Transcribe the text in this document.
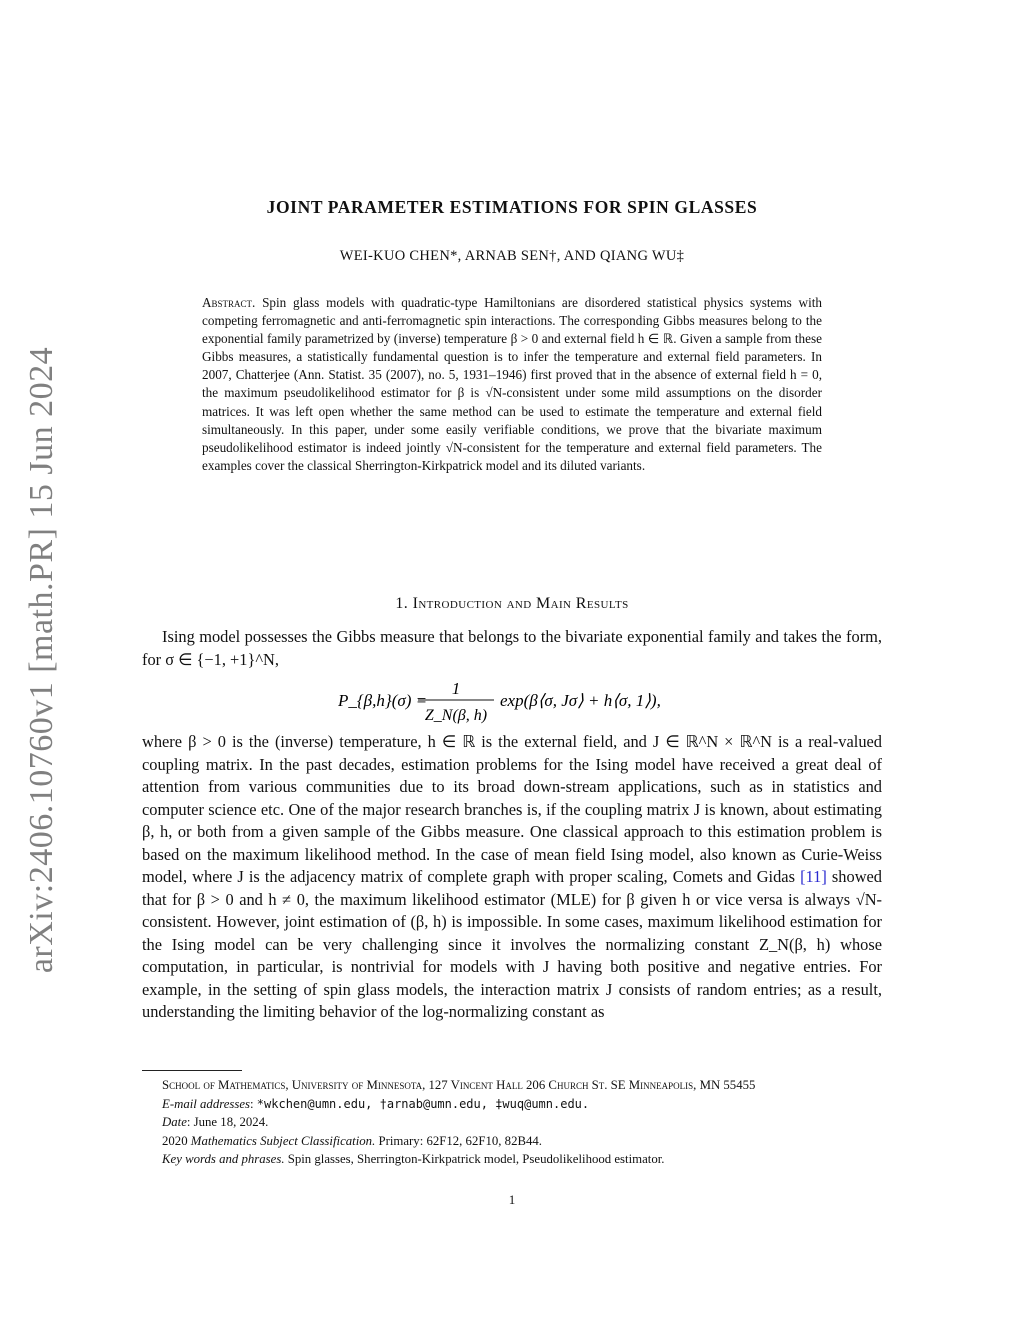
arXiv:2406.10760v1 [math.PR] 15 Jun 2024
JOINT PARAMETER ESTIMATIONS FOR SPIN GLASSES
WEI-KUO CHEN*, ARNAB SEN†, AND QIANG WU‡
Abstract. Spin glass models with quadratic-type Hamiltonians are disordered statistical physics systems with competing ferromagnetic and anti-ferromagnetic spin interactions. The corresponding Gibbs measures belong to the exponential family parametrized by (inverse) temperature β > 0 and external field h ∈ ℝ. Given a sample from these Gibbs measures, a statistically fundamental question is to infer the temperature and external field parameters. In 2007, Chatterjee (Ann. Statist. 35 (2007), no. 5, 1931–1946) first proved that in the absence of external field h = 0, the maximum pseudolikelihood estimator for β is √N-consistent under some mild assumptions on the disorder matrices. It was left open whether the same method can be used to estimate the temperature and external field simultaneously. In this paper, under some easily verifiable conditions, we prove that the bivariate maximum pseudolikelihood estimator is indeed jointly √N-consistent for the temperature and external field parameters. The examples cover the classical Sherrington-Kirkpatrick model and its diluted variants.
1. Introduction and Main Results
Ising model possesses the Gibbs measure that belongs to the bivariate exponential family and takes the form, for σ ∈ {−1, +1}^N,
P_{β,h}(σ) =
1
Z_N(β, h)
exp(β⟨σ, Jσ⟩ + h⟨σ, 1⟩),
where β > 0 is the (inverse) temperature, h ∈ ℝ is the external field, and J ∈ ℝ^N × ℝ^N is a real-valued coupling matrix. In the past decades, estimation problems for the Ising model have received a great deal of attention from various communities due to its broad down-stream applications, such as in statistics and computer science etc. One of the major research branches is, if the coupling matrix J is known, about estimating β, h, or both from a given sample of the Gibbs measure. One classical approach to this estimation problem is based on the maximum likelihood method. In the case of mean field Ising model, also known as Curie-Weiss model, where J is the adjacency matrix of complete graph with proper scaling, Comets and Gidas [11] showed that for β > 0 and h ≠ 0, the maximum likelihood estimator (MLE) for β given h or vice versa is always √N-consistent. However, joint estimation of (β, h) is impossible. In some cases, maximum likelihood estimation for the Ising model can be very challenging since it involves the normalizing constant Z_N(β, h) whose computation, in particular, is nontrivial for models with J having both positive and negative entries. For example, in the setting of spin glass models, the interaction matrix J consists of random entries; as a result, understanding the limiting behavior of the log-normalizing constant as
School of Mathematics, University of Minnesota, 127 Vincent Hall 206 Church St. SE Minneapolis, MN 55455
E-mail addresses: *wkchen@umn.edu, †arnab@umn.edu, ‡wuq@umn.edu.
Date: June 18, 2024.
2020 Mathematics Subject Classification. Primary: 62F12, 62F10, 82B44.
Key words and phrases. Spin glasses, Sherrington-Kirkpatrick model, Pseudolikelihood estimator.
1
